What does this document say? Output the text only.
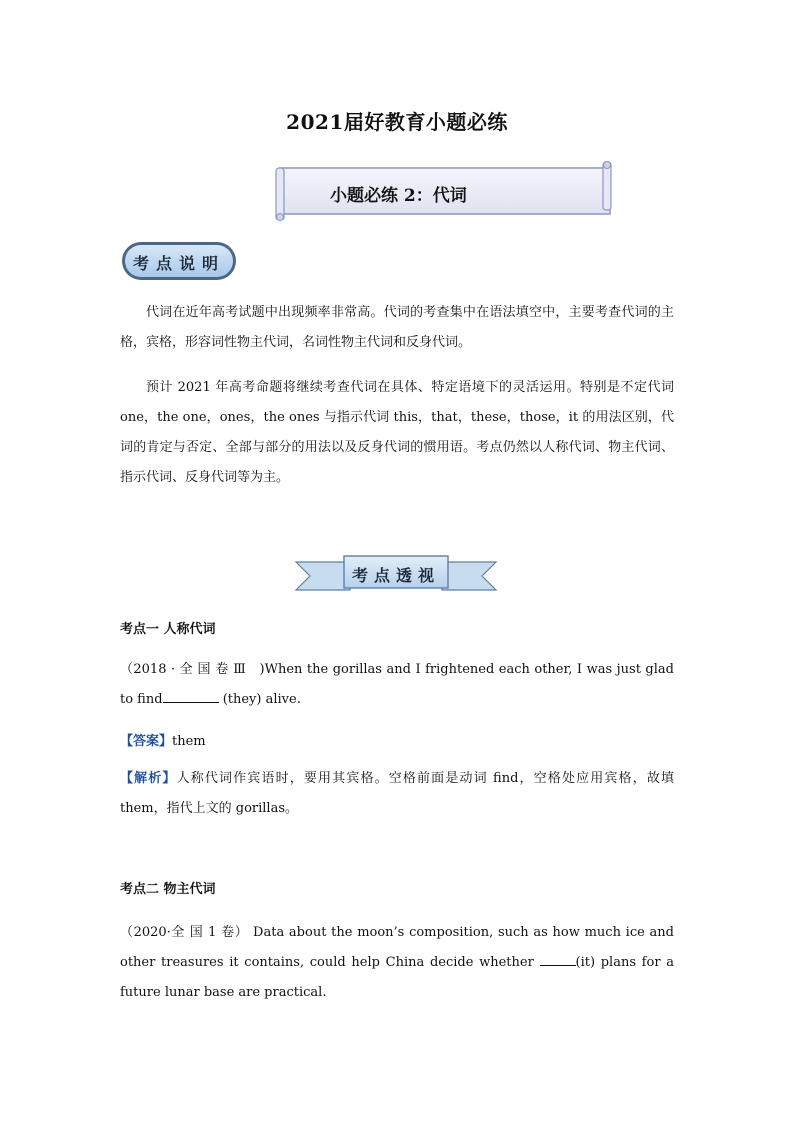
2021届好教育小题必练
小题必练 2：代词
考点说明
代词在近年高考试题中出现频率非常高。代词的考查集中在语法填空中，主要考查代词的主格，宾格，形容词性物主代词，名词性物主代词和反身代词。
预计 2021 年高考命题将继续考查代词在具体、特定语境下的灵活运用。特别是不定代词 one，the one，ones，the ones 与指示代词 this，that，these，those，it 的用法区别，代词的肯定与否定、全部与部分的用法以及反身代词的惯用语。考点仍然以人称代词、物主代词、指示代词、反身代词等为主。
考点透视
考点一 人称代词
（2018 · 全 国 卷 Ⅲ　)When the gorillas and I frightened each other, I was just glad to find	(they) alive.
【答案】them
【解析】人称代词作宾语时，要用其宾格。空格前面是动词 find，空格处应用宾格，故填 them，指代上文的 gorillas。
考点二 物主代词
（2020·全 国 1 卷） Data about the moon’s composition, such as how much ice and other treasures it contains, could help China decide whether	(it) plans for a future lunar base are practical.
